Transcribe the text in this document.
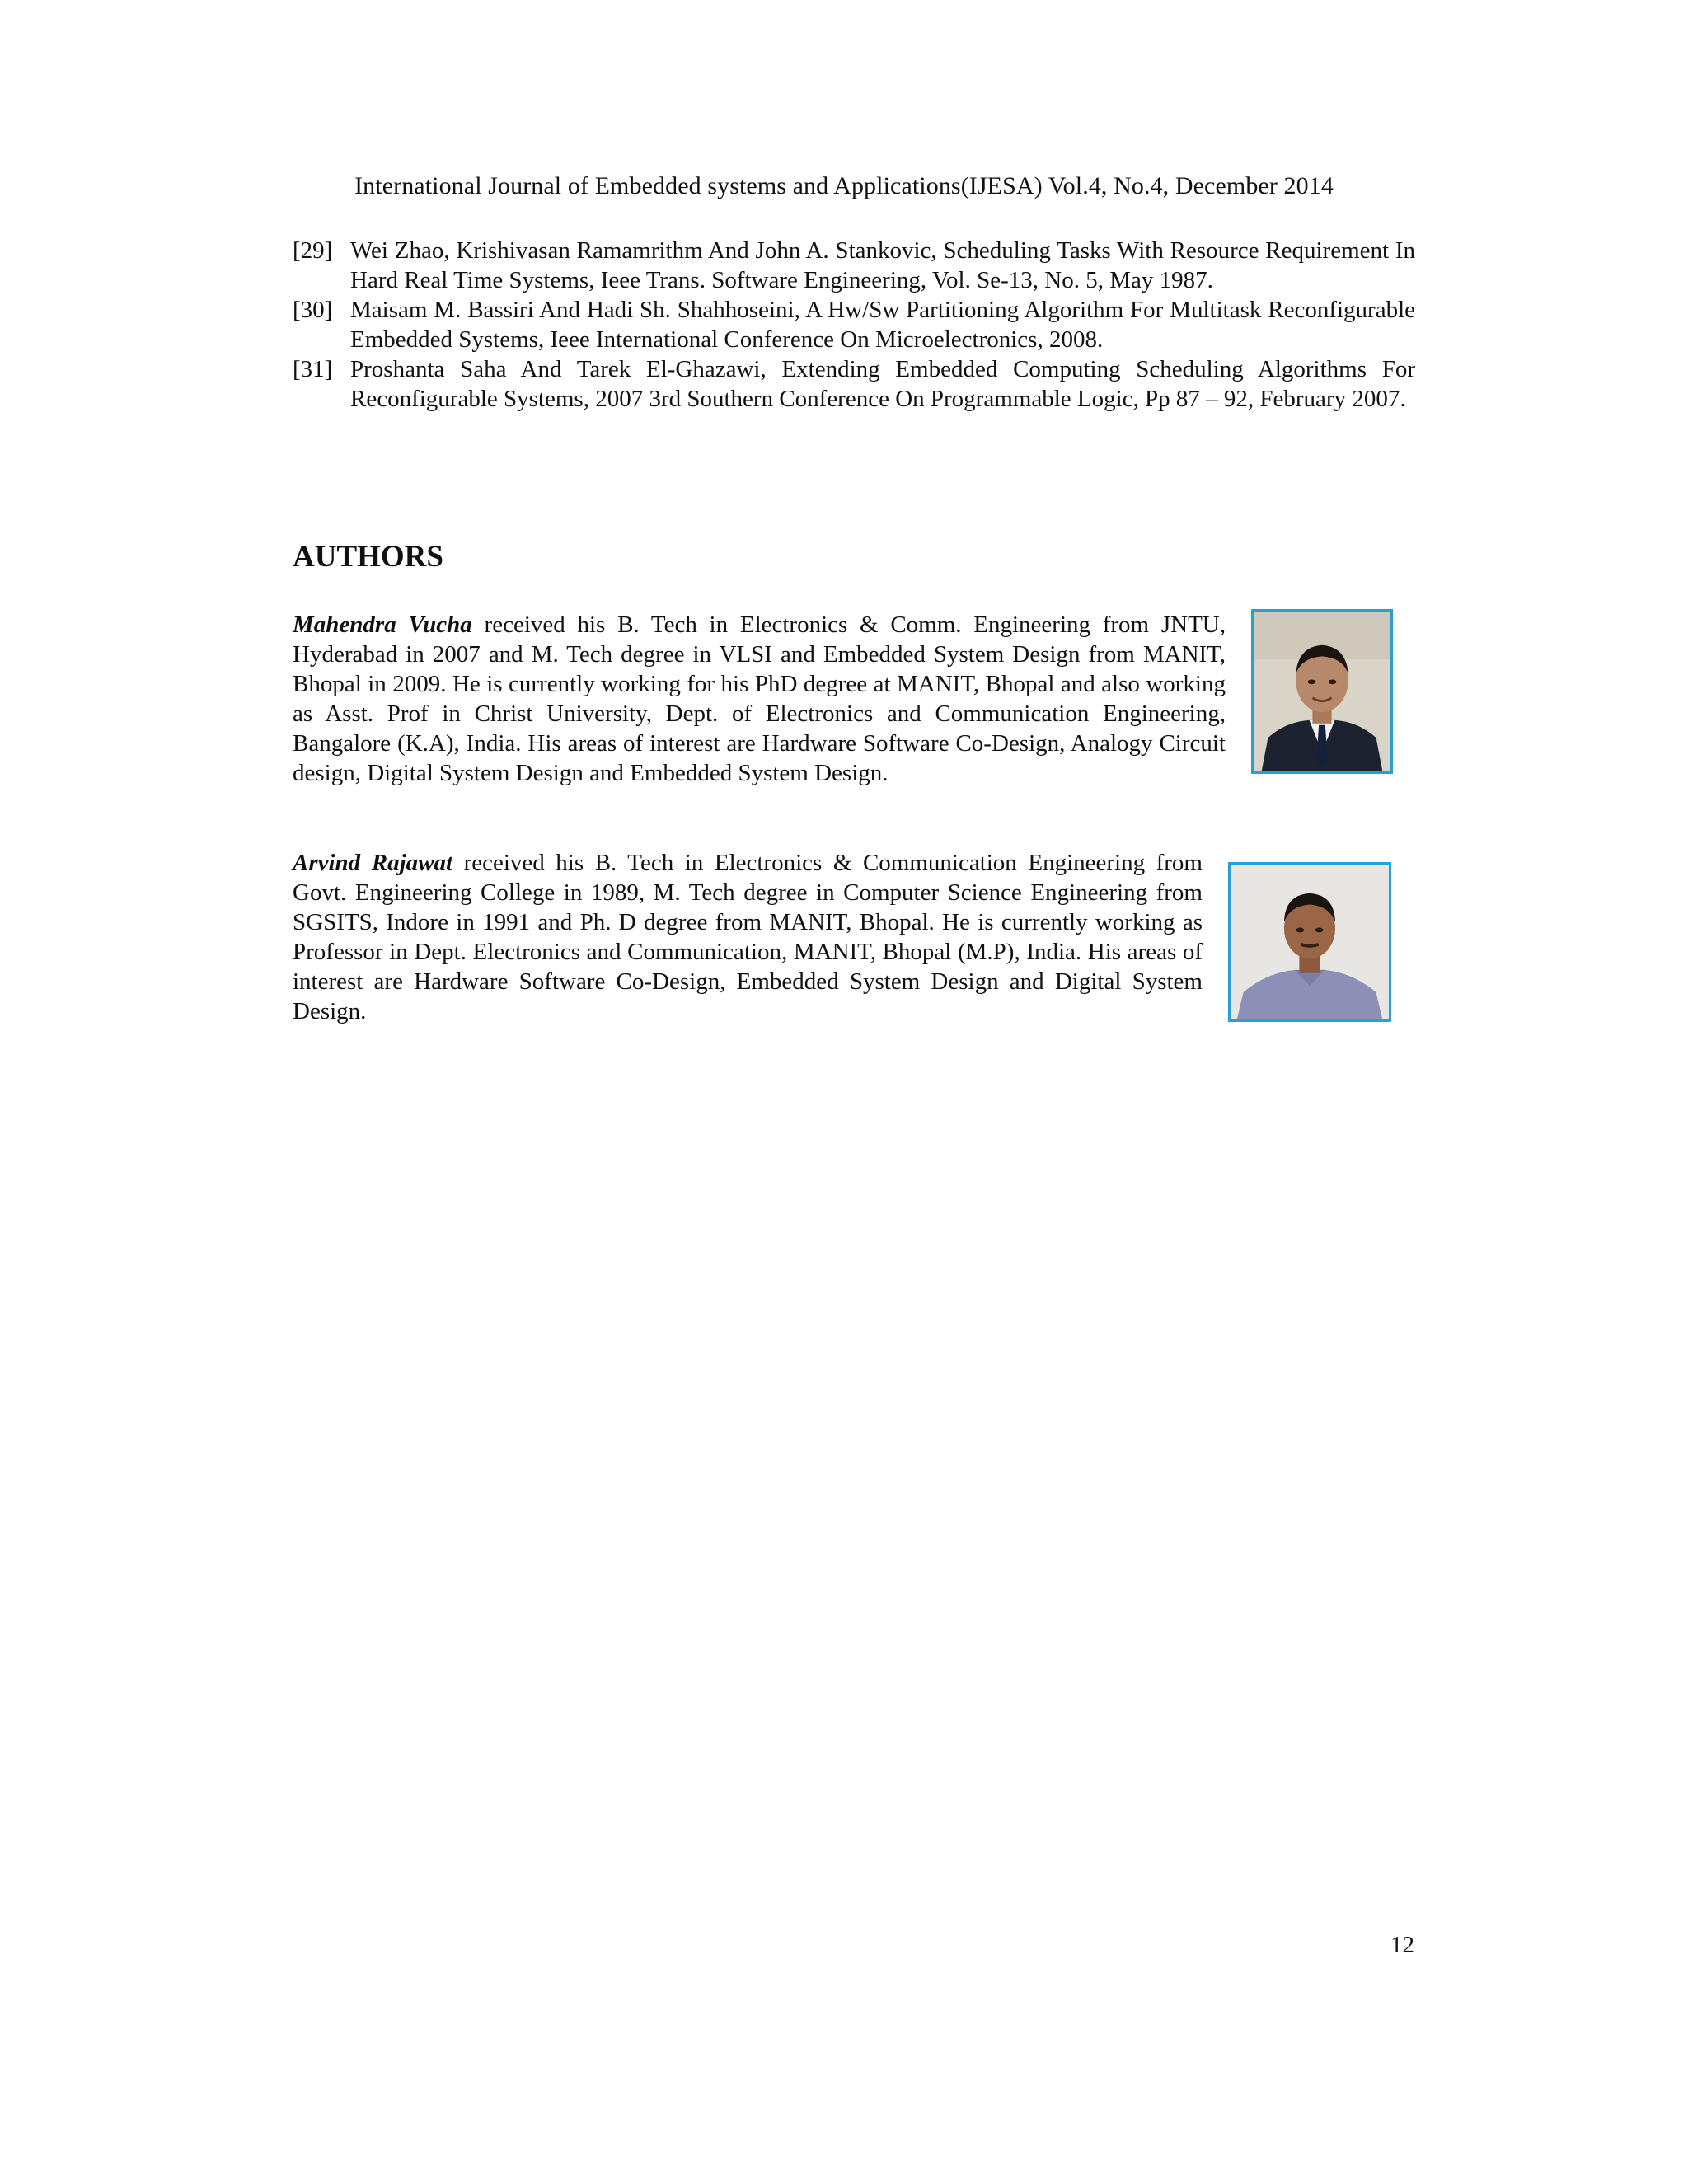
International Journal of Embedded systems and Applications(IJESA) Vol.4, No.4, December 2014
[29] Wei Zhao, Krishivasan Ramamrithm And John A. Stankovic, Scheduling Tasks With Resource Requirement In Hard Real Time Systems, Ieee Trans. Software Engineering, Vol. Se-13, No. 5, May 1987.
[30] Maisam M. Bassiri And Hadi Sh. Shahhoseini, A Hw/Sw Partitioning Algorithm For Multitask Reconfigurable Embedded Systems, Ieee International Conference On Microelectronics, 2008.
[31] Proshanta Saha And Tarek El-Ghazawi, Extending Embedded Computing Scheduling Algorithms For Reconfigurable Systems, 2007 3rd Southern Conference On Programmable Logic, Pp 87 – 92, February 2007.
AUTHORS
Mahendra Vucha received his B. Tech in Electronics & Comm. Engineering from JNTU, Hyderabad in 2007 and M. Tech degree in VLSI and Embedded System Design from MANIT, Bhopal in 2009. He is currently working for his PhD degree at MANIT, Bhopal and also working as Asst. Prof in Christ University, Dept. of Electronics and Communication Engineering, Bangalore (K.A), India. His areas of interest are Hardware Software Co-Design, Analogy Circuit design, Digital System Design and Embedded System Design.
Arvind Rajawat received his B. Tech in Electronics & Communication Engineering from Govt. Engineering College in 1989, M. Tech degree in Computer Science Engineering from SGSITS, Indore in 1991 and Ph. D degree from MANIT, Bhopal. He is currently working as Professor in Dept. Electronics and Communication, MANIT, Bhopal (M.P), India. His areas of interest are Hardware Software Co-Design, Embedded System Design and Digital System Design.
12
